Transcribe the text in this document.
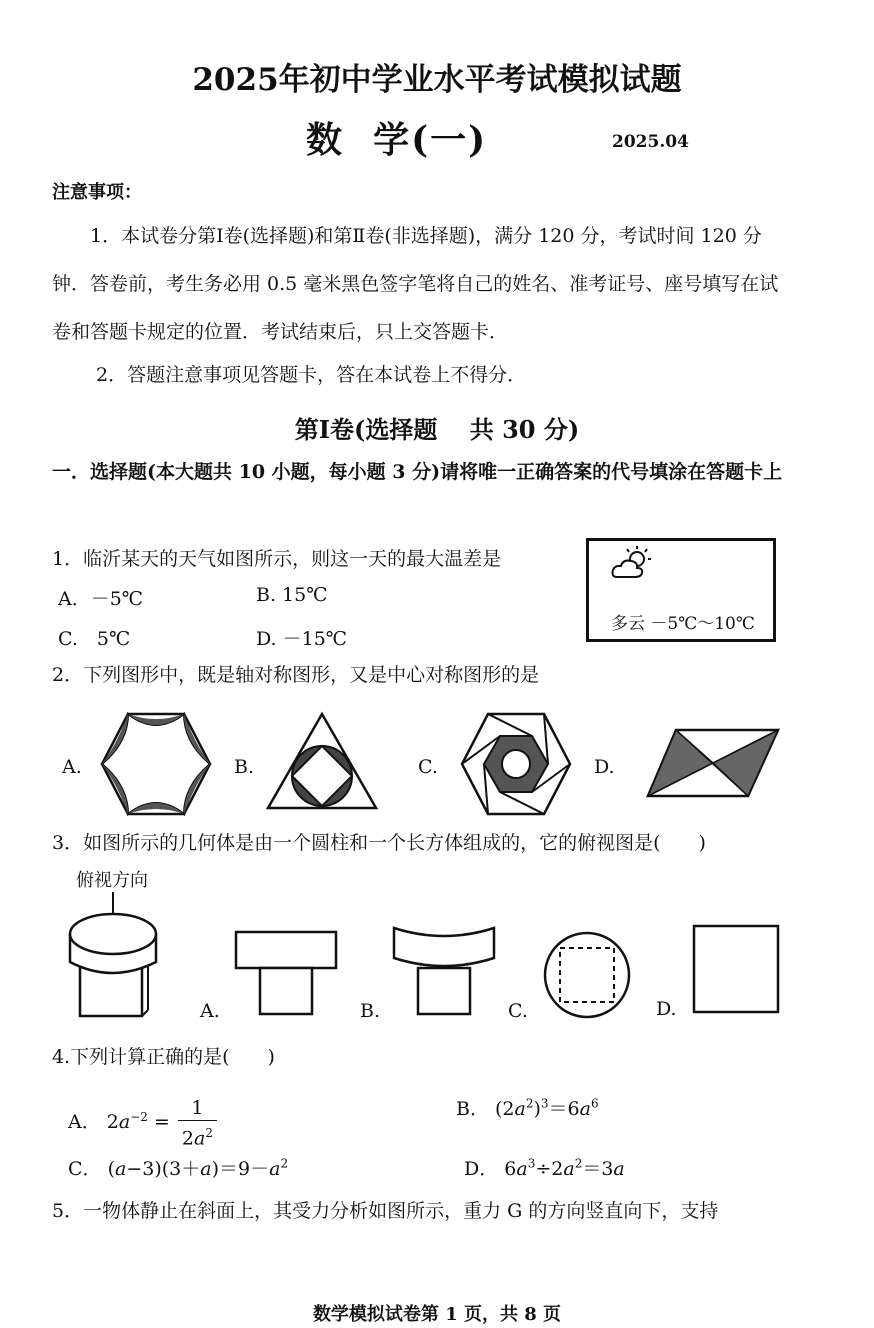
2025年初中学业水平考试模拟试题
数  学(一)	2025.04
注意事项：
1．本试卷分第Ⅰ卷(选择题)和第Ⅱ卷(非选择题)，满分 120 分，考试时间 120 分钟．答卷前，考生务必用 0.5 毫米黑色签字笔将自己的姓名、准考证号、座号填写在试卷和答题卡规定的位置．考试结束后，只上交答题卡．
2．答题注意事项见答题卡，答在本试卷上不得分．
第Ⅰ卷(选择题　 共 30 分)
一．选择题(本大题共 10 小题，每小题 3 分)请将唯一正确答案的代号填涂在答题卡上
1．临沂某天的天气如图所示，则这一天的最大温差是
A．－5℃	B. 15℃
C.　5℃	D. －15℃
多云 －5℃～10℃
2．下列图形中，既是轴对称图形，又是中心对称图形的是
A.	B.	C.	D.
3．如图所示的几何体是由一个圆柱和一个长方体组成的，它的俯视图是(　　)
俯视方向
A.	B.	C.	D.
4.下列计算正确的是(　　)
A． $2a^{-2} = \frac{1}{2a^2}$	B． $(2a^2)^3=6a^6$
C． $(a-3)(3+a)=9-a^2$	D． $6a^3\div 2a^2=3a$
5．一物体静止在斜面上，其受力分析如图所示，重力 G 的方向竖直向下，支持
数学模拟试卷第 1 页，共 8 页
